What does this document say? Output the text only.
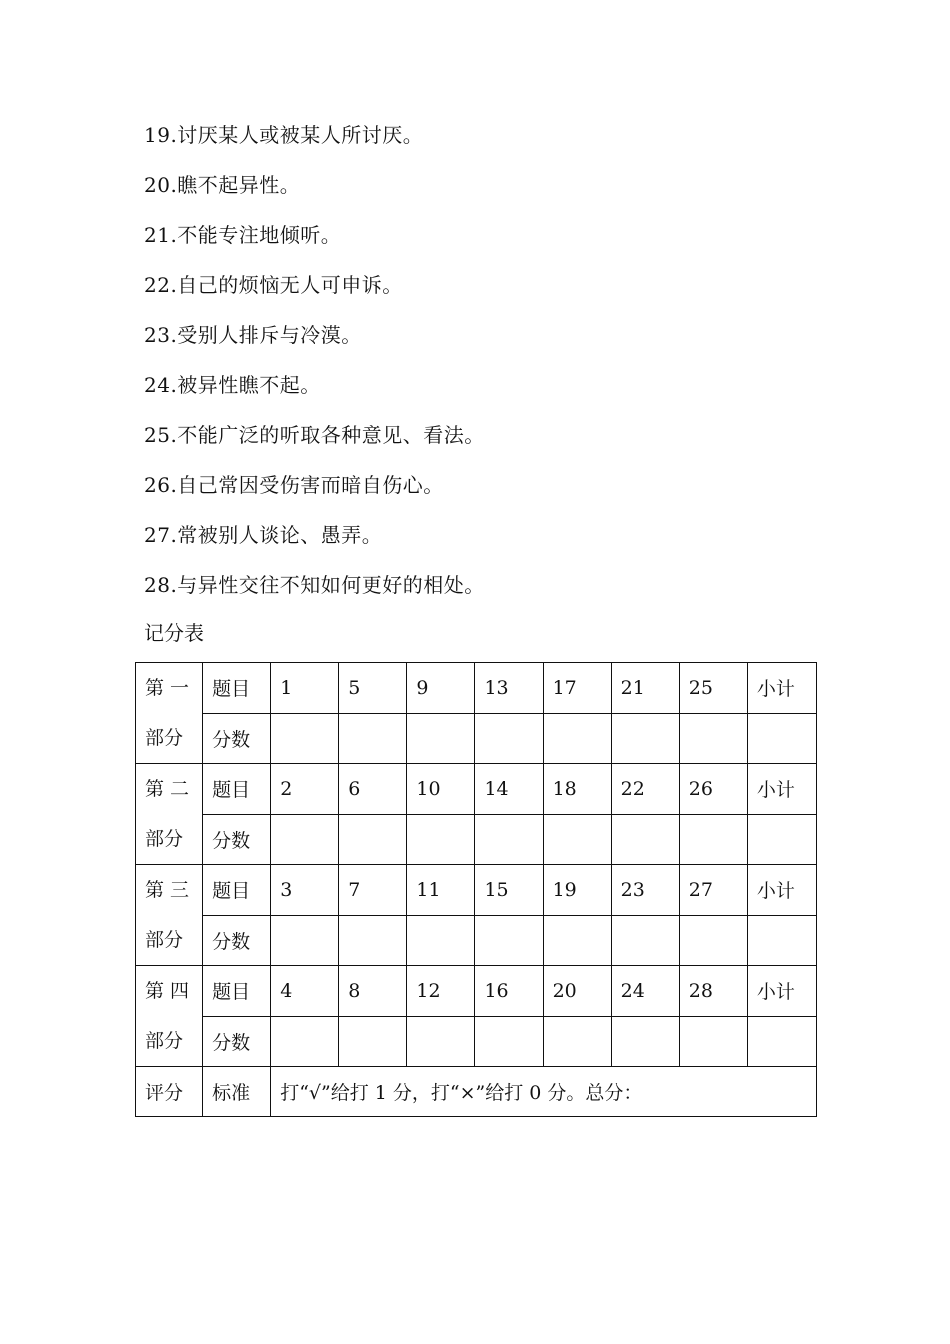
19.讨厌某人或被某人所讨厌。
20.瞧不起异性。
21.不能专注地倾听。
22.自己的烦恼无人可申诉。
23.受别人排斥与冷漠。
24.被异性瞧不起。
25.不能广泛的听取各种意见、看法。
26.自己常因受伤害而暗自伤心。
27.常被别人谈论、愚弄。
28.与异性交往不知如何更好的相处。
记分表
第 一
部分	题目	1	5	9	13	17	21	25	小计
	分数								

第 二
部分	题目	2	6	10	14	18	22	26	小计
	分数								

第 三
部分	题目	3	7	11	15	19	23	27	小计
	分数								

第 四
部分	题目	4	8	12	16	20	24	28	小计
	分数								
评分	标准	打“√”给打 1 分，打“×”给打 0 分。总分：							
